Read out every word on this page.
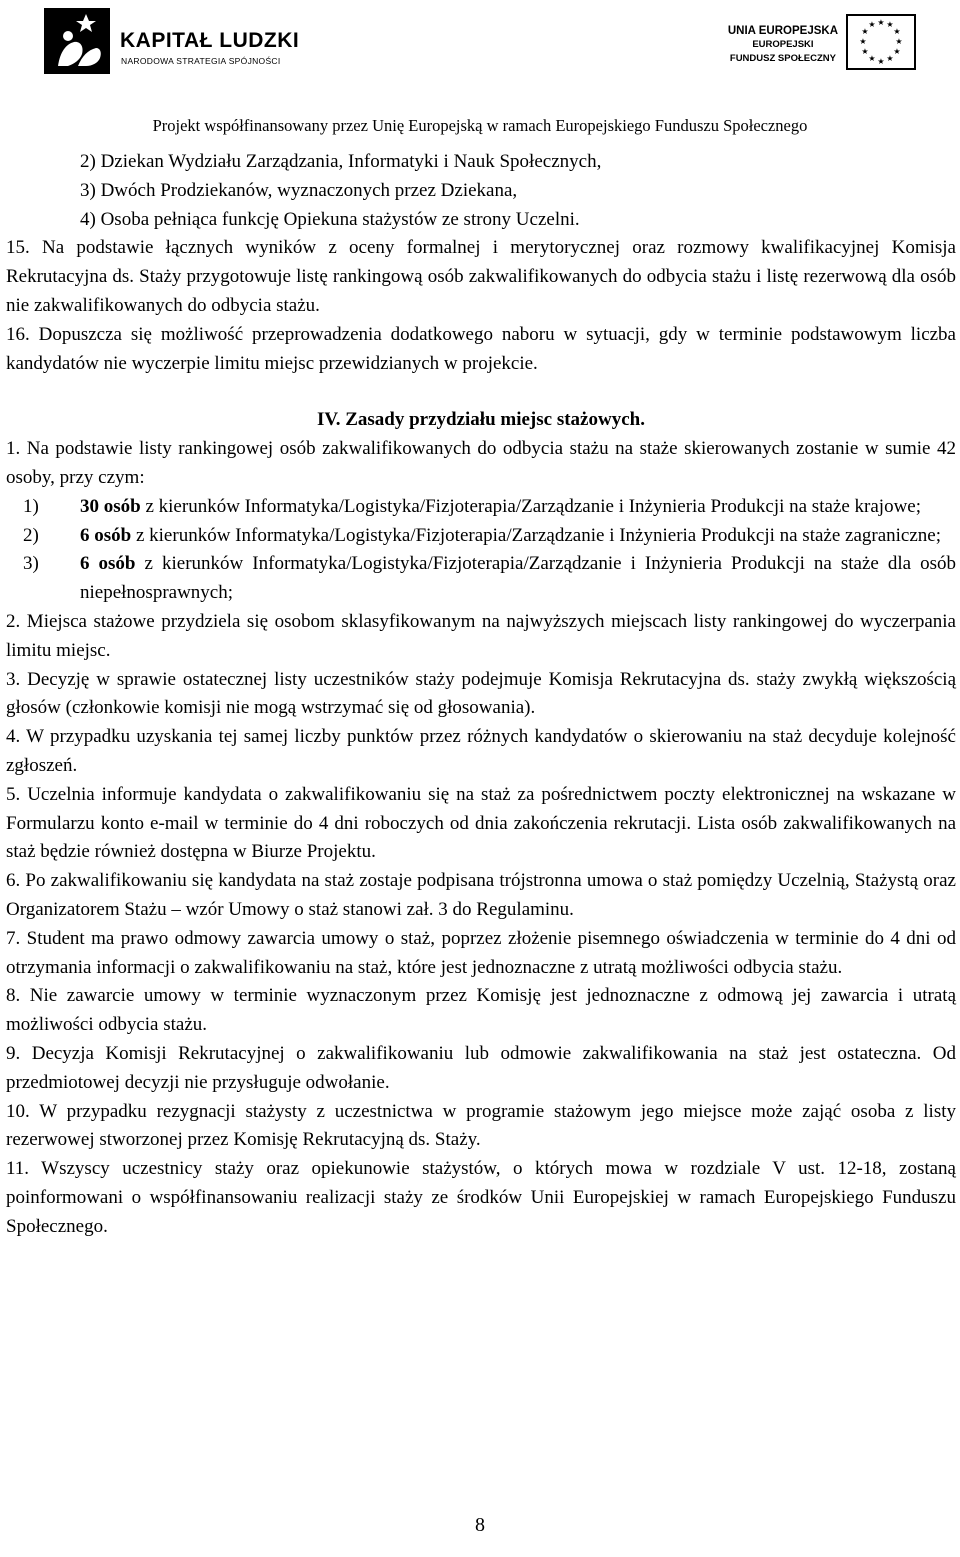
KAPITAŁ LUDZKI
NARODOWA STRATEGIA SPÓJNOŚCI
UNIA EUROPEJSKA
EUROPEJSKI
FUNDUSZ SPOŁECZNY
★ ★
★
★
★
★
★
★
★
★
★
★
Projekt współfinansowany przez Unię Europejską w ramach Europejskiego Funduszu Społecznego

2) Dziekan Wydziału Zarządzania, Informatyki i Nauk Społecznych,

3) Dwóch Prodziekanów, wyznaczonych przez Dziekana,

4) Osoba pełniąca funkcję Opiekuna stażystów ze strony Uczelni.

15. Na podstawie łącznych wyników z oceny formalnej i merytorycznej oraz rozmowy kwalifikacyjnej Komisja Rekrutacyjna ds. Staży przygotowuje listę rankingową osób zakwalifikowanych do odbycia stażu i listę rezerwową dla osób nie zakwalifikowanych do odbycia stażu.

16. Dopuszcza się możliwość przeprowadzenia dodatkowego naboru w sytuacji, gdy w terminie podstawowym liczba kandydatów nie wyczerpie limitu miejsc przewidzianych w projekcie.

IV. Zasady przydziału miejsc stażowych.

1. Na podstawie listy rankingowej osób zakwalifikowanych do odbycia stażu na staże skierowanych zostanie w sumie 42 osoby, przy czym:

1)	30 osób z kierunków Informatyka/Logistyka/Fizjoterapia/Zarządzanie i Inżynieria Produkcji na staże krajowe;
2)	6 osób z kierunków Informatyka/Logistyka/Fizjoterapia/Zarządzanie i Inżynieria Produkcji na staże zagraniczne;
3)	6 osób z kierunków Informatyka/Logistyka/Fizjoterapia/Zarządzanie i Inżynieria Produkcji na staże dla osób niepełnosprawnych;

2. Miejsca stażowe przydziela się osobom sklasyfikowanym na najwyższych miejscach listy rankingowej do wyczerpania limitu miejsc.

3. Decyzję w sprawie ostatecznej listy uczestników staży podejmuje Komisja Rekrutacyjna ds. staży zwykłą większością głosów (członkowie komisji nie mogą wstrzymać się od głosowania).

4. W przypadku uzyskania tej samej liczby punktów przez różnych kandydatów o skierowaniu na staż decyduje kolejność zgłoszeń.

5. Uczelnia informuje kandydata o zakwalifikowaniu się na staż za pośrednictwem poczty elektronicznej na wskazane w Formularzu konto e-mail w terminie do 4 dni roboczych od dnia zakończenia rekrutacji. Lista osób zakwalifikowanych na staż będzie również dostępna w Biurze Projektu.

6. Po zakwalifikowaniu się kandydata na staż zostaje podpisana trójstronna umowa o staż pomiędzy Uczelnią, Stażystą oraz Organizatorem Stażu – wzór Umowy o staż stanowi zał. 3 do Regulaminu.

7. Student ma prawo odmowy zawarcia umowy o staż, poprzez złożenie pisemnego oświadczenia w terminie do 4 dni od otrzymania informacji o zakwalifikowaniu na staż, które jest jednoznaczne z utratą możliwości odbycia stażu.

8. Nie zawarcie umowy w terminie wyznaczonym przez Komisję jest jednoznaczne z odmową jej zawarcia i utratą możliwości odbycia stażu.

9. Decyzja Komisji Rekrutacyjnej o zakwalifikowaniu lub odmowie zakwalifikowania na staż jest ostateczna. Od przedmiotowej decyzji nie przysługuje odwołanie.

10. W przypadku rezygnacji stażysty z uczestnictwa w programie stażowym jego miejsce może zająć osoba z listy rezerwowej stworzonej przez Komisję Rekrutacyjną ds. Staży.

11. Wszyscy uczestnicy staży oraz opiekunowie stażystów, o których mowa w rozdziale V ust. 12-18, zostaną poinformowani o współfinansowaniu realizacji staży ze środków Unii Europejskiej w ramach Europejskiego Funduszu Społecznego.

8
